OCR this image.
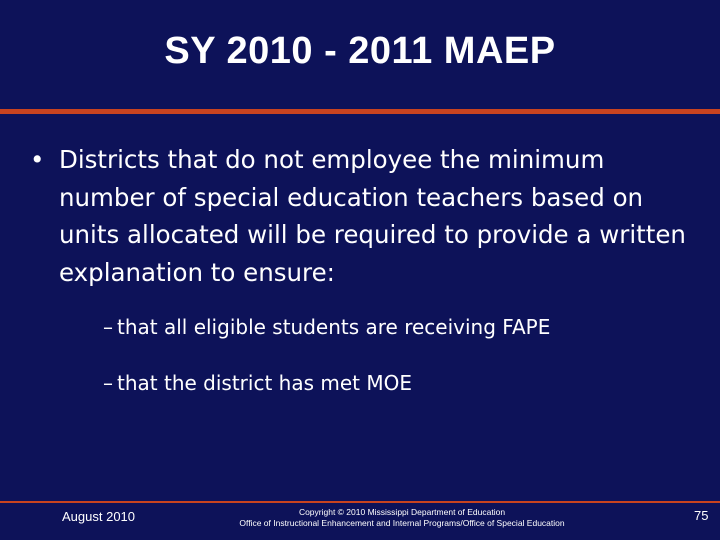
SY 2010 - 2011 MAEP
• Districts that do not employee the minimum number of special education teachers based on units allocated will be required to provide a written explanation to ensure:
– that all eligible students are receiving FAPE
– that the district has met MOE
August 2010	Copyright © 2010 Mississippi Department of Education
Office of Instructional Enhancement and Internal Programs/Office of Special Education	75
